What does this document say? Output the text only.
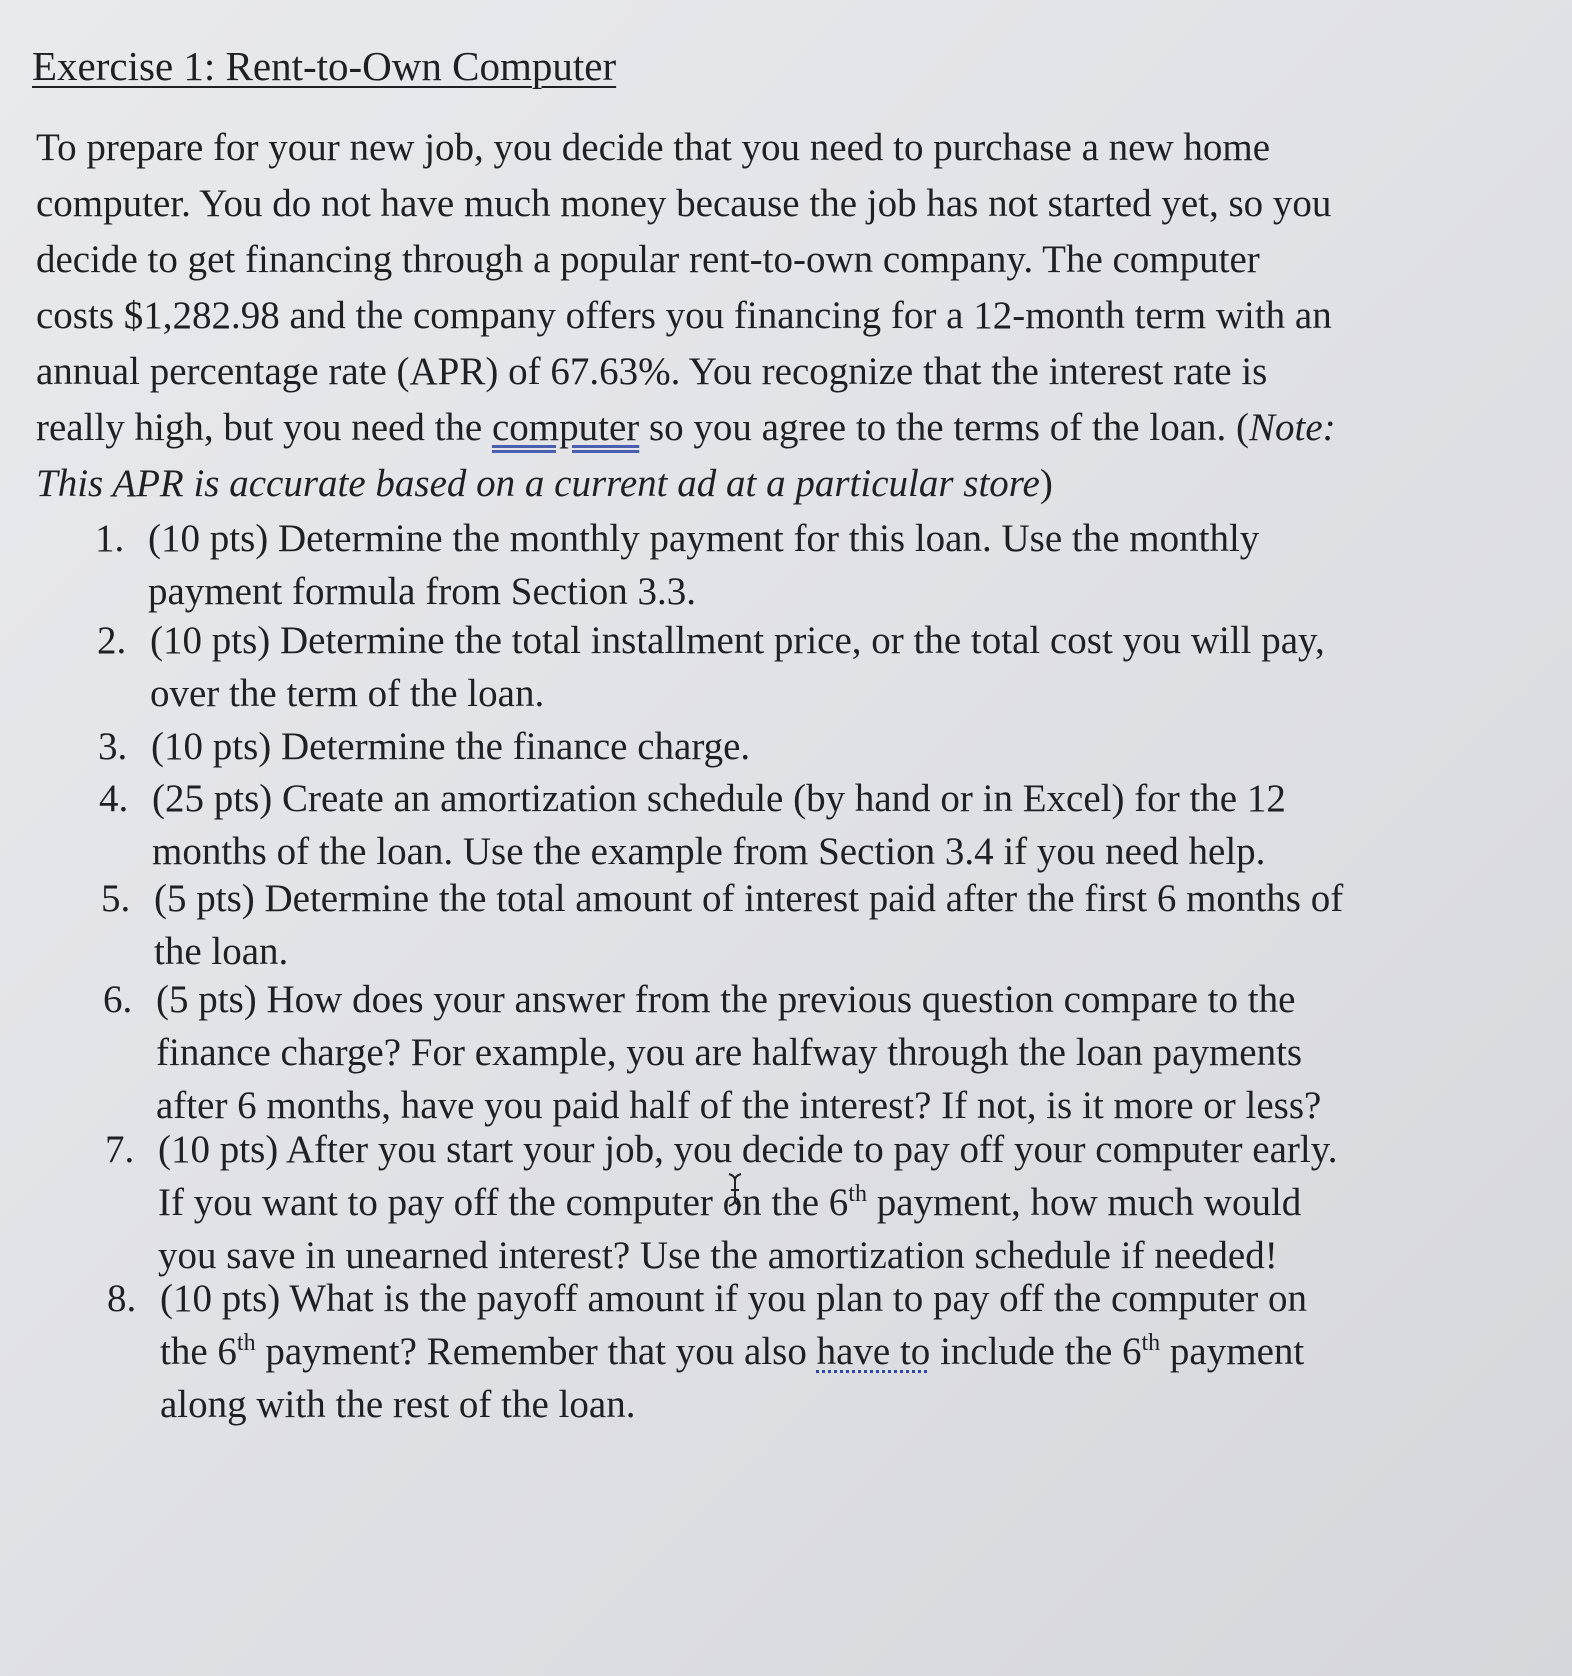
Exercise 1: Rent-to-Own Computer
To prepare for your new job, you decide that you need to purchase a new home
computer. You do not have much money because the job has not started yet, so you
decide to get financing through a popular rent-to-own company. The computer
costs $1,282.98 and the company offers you financing for a 12-month term with an
annual percentage rate (APR) of 67.63%. You recognize that the interest rate is
really high, but you need the computer so you agree to the terms of the loan. (Note:
This APR is accurate based on a current ad at a particular store)
1. (10 pts) Determine the monthly payment for this loan. Use the monthly
payment formula from Section 3.3.
2. (10 pts) Determine the total installment price, or the total cost you will pay,
over the term of the loan.
3. (10 pts) Determine the finance charge.
4. (25 pts) Create an amortization schedule (by hand or in Excel) for the 12
months of the loan. Use the example from Section 3.4 if you need help.
5. (5 pts) Determine the total amount of interest paid after the first 6 months of
the loan.
6. (5 pts) How does your answer from the previous question compare to the
finance charge? For example, you are halfway through the loan payments
after 6 months, have you paid half of the interest? If not, is it more or less?
7. (10 pts) After you start your job, you decide to pay off your computer early.
If you want to pay off the computer on the 6th payment, how much would
you save in unearned interest? Use the amortization schedule if needed!
8. (10 pts) What is the payoff amount if you plan to pay off the computer on
the 6th payment? Remember that you also have to include the 6th payment
along with the rest of the loan.
